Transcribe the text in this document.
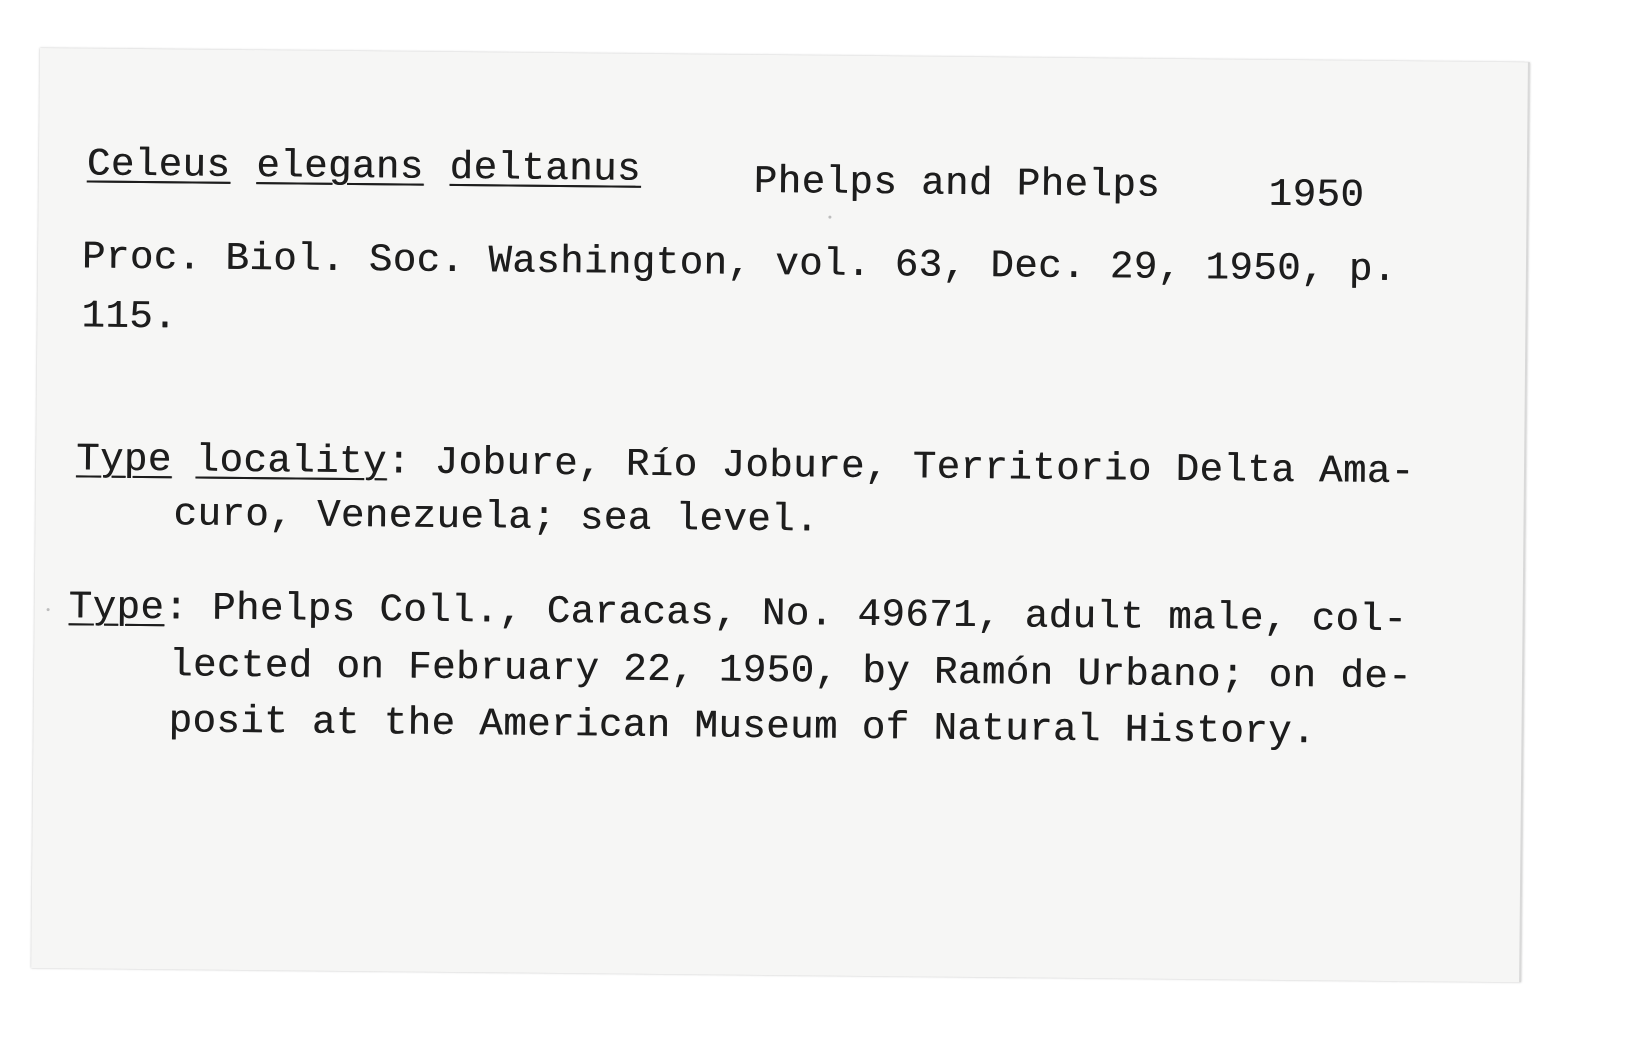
Celeus elegans deltanus	Phelps and Phelps	1950
Proc. Biol. Soc. Washington, vol. 63, Dec. 29, 1950, p.
115.
Type locality: Jobure, Río Jobure, Territorio Delta Ama-
curo, Venezuela; sea level.
Type: Phelps Coll., Caracas, No. 49671, adult male, col-
lected on February 22, 1950, by Ramón Urbano; on de-
posit at the American Museum of Natural History.
